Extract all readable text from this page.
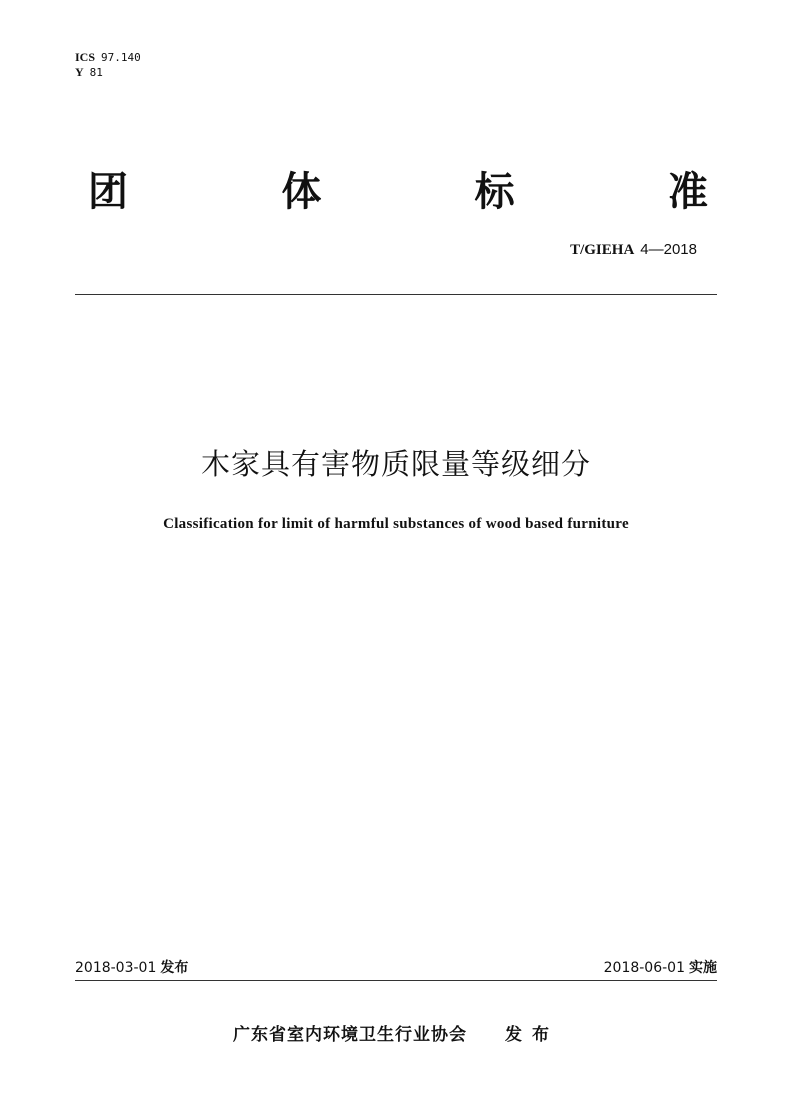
ICS 97.140
Y 81
团	体	标	准
T/GIEHA 4—2018
木家具有害物质限量等级细分
Classification for limit of harmful substances of wood based furniture
2018-03-01 发布	2018-06-01 实施
广东省室内环境卫生行业协会 发布
